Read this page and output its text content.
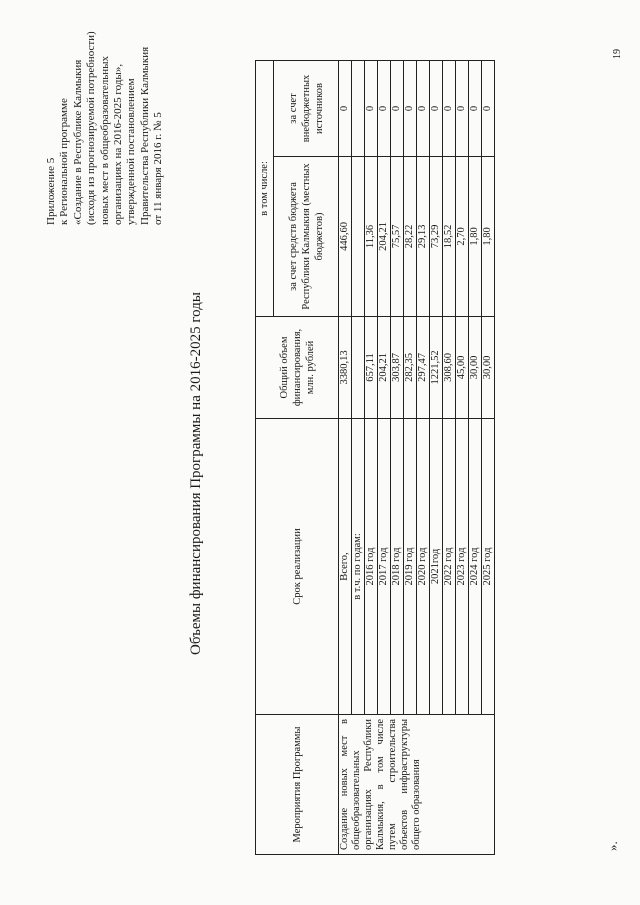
Приложение 5 к Региональной программе «Создание в Республике Калмыкия (исходя из прогнозируемой потребности) новых мест в общеобразовательных организациях на 2016-2025 годы», утвержденной постановлением Правительства Республики Калмыкия от 11 января 2016 г. № 5
Объемы финансирования Программы на 2016-2025 годы
Мероприятия Программы	Срок реализации	Общий объем финансирования, млн. рублей	в том числе:	
			за счет средств бюджета Республики Калмыкия (местных бюджетов)	за счет внебюджетных источников
Создание новых мест в общеобразовательных организациях Республики Калмыкия, в том числе путем строительства объектов инфраструктуры общего образования	Всего,	3380,13	446,60	0
	в т.ч. по годам:			
	2016 год	657,11	11,36	0
	2017 год	204,21	204,21	0
	2018 год	303,87	75,57	0
	2019 год	282,35	28,22	0
	2020 год	297,47	29,13	0
	2021год	1221,52	73,29	0
	2022 год	308,60	18,52	0
	2023 год	45,00	2,70	0
	2024 год	30,00	1,80	0
	2025 год	30,00	1,80	0
».
19
